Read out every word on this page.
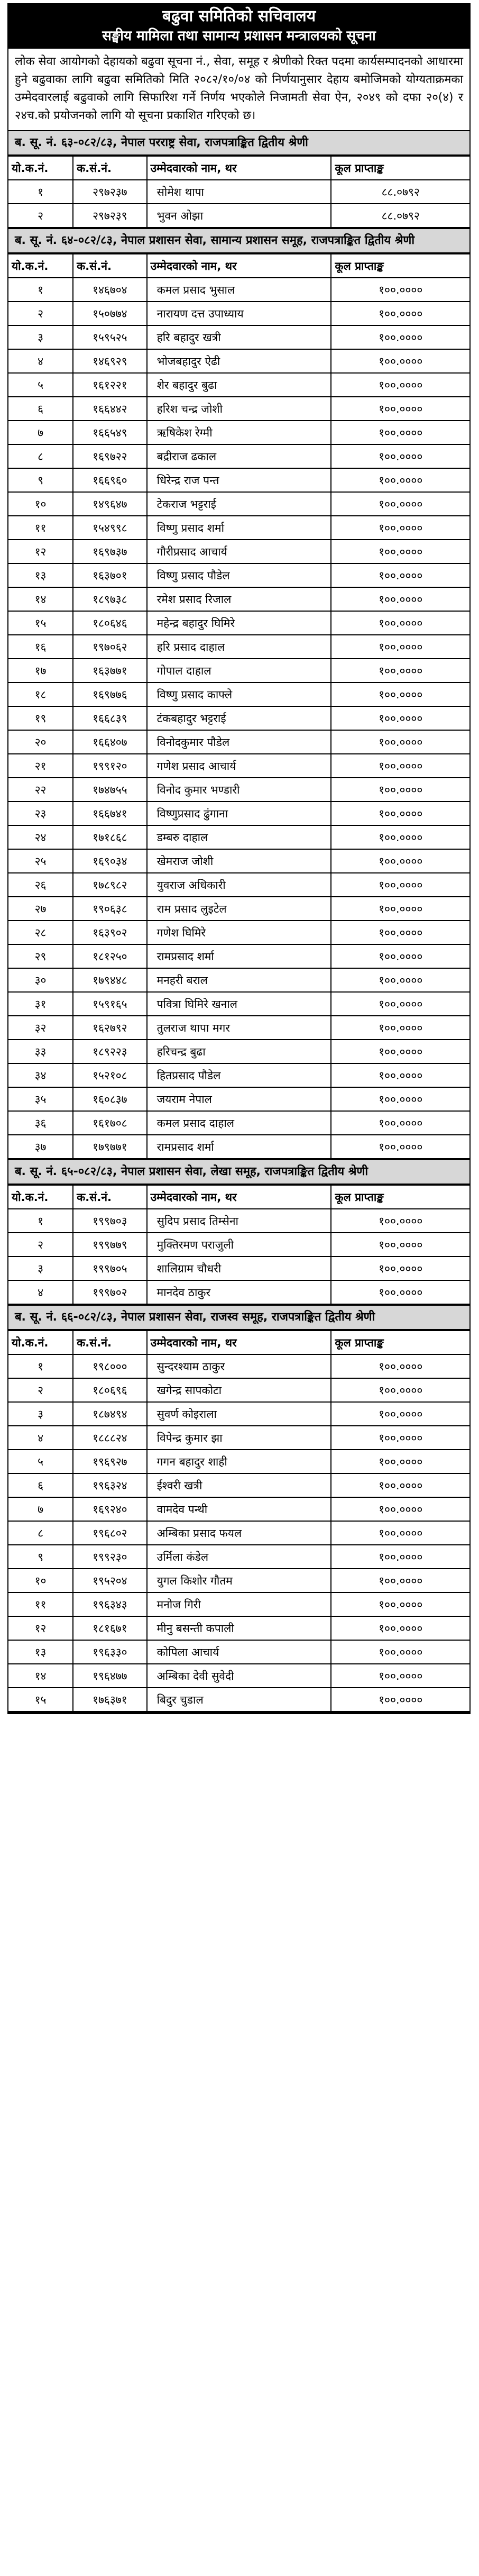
बढुवा समितिको सचिवालय
सङ्घीय मामिला तथा सामान्य प्रशासन मन्त्रालयको सूचना
लोक सेवा आयोगको देहायको बढुवा सूचना नं., सेवा, समूह र श्रेणीको रिक्त पदमा कार्यसम्पादनको आधारमा हुने बढुवाका लागि बढुवा समितिको मिति २०८२/१०/०४ को निर्णयानुसार देहाय बमोजिमको योग्यताक्रमका उम्मेदवारलाई बढुवाको लागि सिफारिश गर्ने निर्णय भएकोले निजामती सेवा ऐन, २०४९ को दफा २०(४) र २४च.को प्रयोजनको लागि यो सूचना प्रकाशित गरिएको छ।
ब. सू. नं. ६३-०८२/८३, नेपाल परराष्ट्र सेवा, राजपत्राङ्कित द्वितीय श्रेणी
यो.क.नं.	क.सं.नं.	उम्मेदवारको नाम, थर	कूल प्राप्ताङ्क
१	२९७२३७	सोमेश थापा	८८.०७९२
२	२९७२३९	भुवन ओझा	८८.०७९२
ब. सू. नं. ६४-०८२/८३, नेपाल प्रशासन सेवा, सामान्य प्रशासन समूह, राजपत्राङ्कित द्वितीय श्रेणी
यो.क.नं.	क.सं.नं.	उम्मेदवारको नाम, थर	कूल प्राप्ताङ्क
१	१४६७०४	कमल प्रसाद भुसाल	१००.००००
२	१५०७७४	नारायण दत्त उपाध्याय	१००.००००
३	१५९५२५	हरि बहादुर खत्री	१००.००००
४	१४६९२९	भोजबहादुर ऐढी	१००.००००
५	१६१२२१	शेर बहादुर बुढा	१००.००००
६	१६६४४२	हरिश चन्द्र जोशी	१००.००००
७	१६६५४९	ऋषिकेश रेग्मी	१००.००००
८	१६९७२२	बद्रीराज ढकाल	१००.००००
९	१६६९६०	धिरेन्द्र राज पन्त	१००.००००
१०	१४९६४७	टेकराज भट्टराई	१००.००००
११	१५४९९८	विष्णु प्रसाद शर्मा	१००.००००
१२	१६९७३७	गौरीप्रसाद आचार्य	१००.००००
१३	१६३७०१	विष्णु प्रसाद पौडेल	१००.००००
१४	१८९७३८	रमेश प्रसाद रिजाल	१००.००००
१५	१८०६४६	महेन्द्र बहादुर घिमिरे	१००.००००
१६	१९७०६२	हरि प्रसाद दाहाल	१००.००००
१७	१६३७७१	गोपाल दाहाल	१००.००००
१८	१६९७७६	विष्णु प्रसाद काफ्ले	१००.००००
१९	१६६८३९	टंकबहादुर भट्टराई	१००.००००
२०	१६६४०७	विनोदकुमार पौडेल	१००.००००
२१	१९९१२०	गणेश प्रसाद आचार्य	१००.००००
२२	१७४७५५	विनोद कुमार भण्डारी	१००.००००
२३	१६६७४१	विष्णुप्रसाद ढुंगाना	१००.००००
२४	१७१८६८	डम्बरु दाहाल	१००.००००
२५	१६९०३४	खेमराज जोशी	१००.००००
२६	१७८९८२	युवराज अधिकारी	१००.००००
२७	१९०६३८	राम प्रसाद लुइटेल	१००.००००
२८	१६३९०२	गणेश घिमिरे	१००.००००
२९	१८१२५०	रामप्रसाद शर्मा	१००.००००
३०	१७९४४८	मनहरी बराल	१००.००००
३१	१५९१६५	पवित्रा घिमिरे खनाल	१००.००००
३२	१६२७९२	तुलराज थापा मगर	१००.००००
३३	१८९२२३	हरिचन्द्र बुढा	१००.००००
३४	१५२१०८	हितप्रसाद पौडेल	१००.००००
३५	१६०८३७	जयराम नेपाल	१००.००००
३६	१६१७०८	कमल प्रसाद दाहाल	१००.००००
३७	१७९७७१	रामप्रसाद शर्मा	१००.००००
ब. सू. नं. ६५-०८२/८३, नेपाल प्रशासन सेवा, लेखा समूह, राजपत्राङ्कित द्वितीय श्रेणी
यो.क.नं.	क.सं.नं.	उम्मेदवारको नाम, थर	कूल प्राप्ताङ्क
१	१९९७०३	सुदिप प्रसाद तिम्सेना	१००.००००
२	१९९७७९	मुक्तिरमण पराजुली	१००.००००
३	१९९७०५	शालिग्राम चौधरी	१००.००००
४	१९९७०२	मानदेव ठाकुर	१००.००००
ब. सू. नं. ६६-०८२/८३, नेपाल प्रशासन सेवा, राजस्व समूह, राजपत्राङ्कित द्वितीय श्रेणी
यो.क.नं.	क.सं.नं.	उम्मेदवारको नाम, थर	कूल प्राप्ताङ्क
१	१९८०००	सुन्दरश्याम ठाकुर	१००.००००
२	१८०६९६	खगेन्द्र सापकोटा	१००.००००
३	१८७४९४	सुवर्ण कोइराला	१००.००००
४	१८८८२४	विपेन्द्र कुमार झा	१००.००००
५	१९६९२७	गगन बहादुर शाही	१००.००००
६	१९६३२४	ईश्वरी खत्री	१००.००००
७	१६९२४०	वामदेव पन्थी	१००.००००
८	१९६८०२	अम्बिका प्रसाद फयल	१००.००००
९	१९९२३०	उर्मिला कंडेल	१००.००००
१०	१९५२०४	युगल किशोर गौतम	१००.००००
११	१९६३४३	मनोज गिरी	१००.००००
१२	१८१६७१	मीनु बसन्ती कपाली	१००.००००
१३	१९६३३०	कोपिला आचार्य	१००.००००
१४	१९६४७७	अम्बिका देवी सुवेदी	१००.००००
१५	१७६३७१	बिदुर चुडाल	१००.००००
